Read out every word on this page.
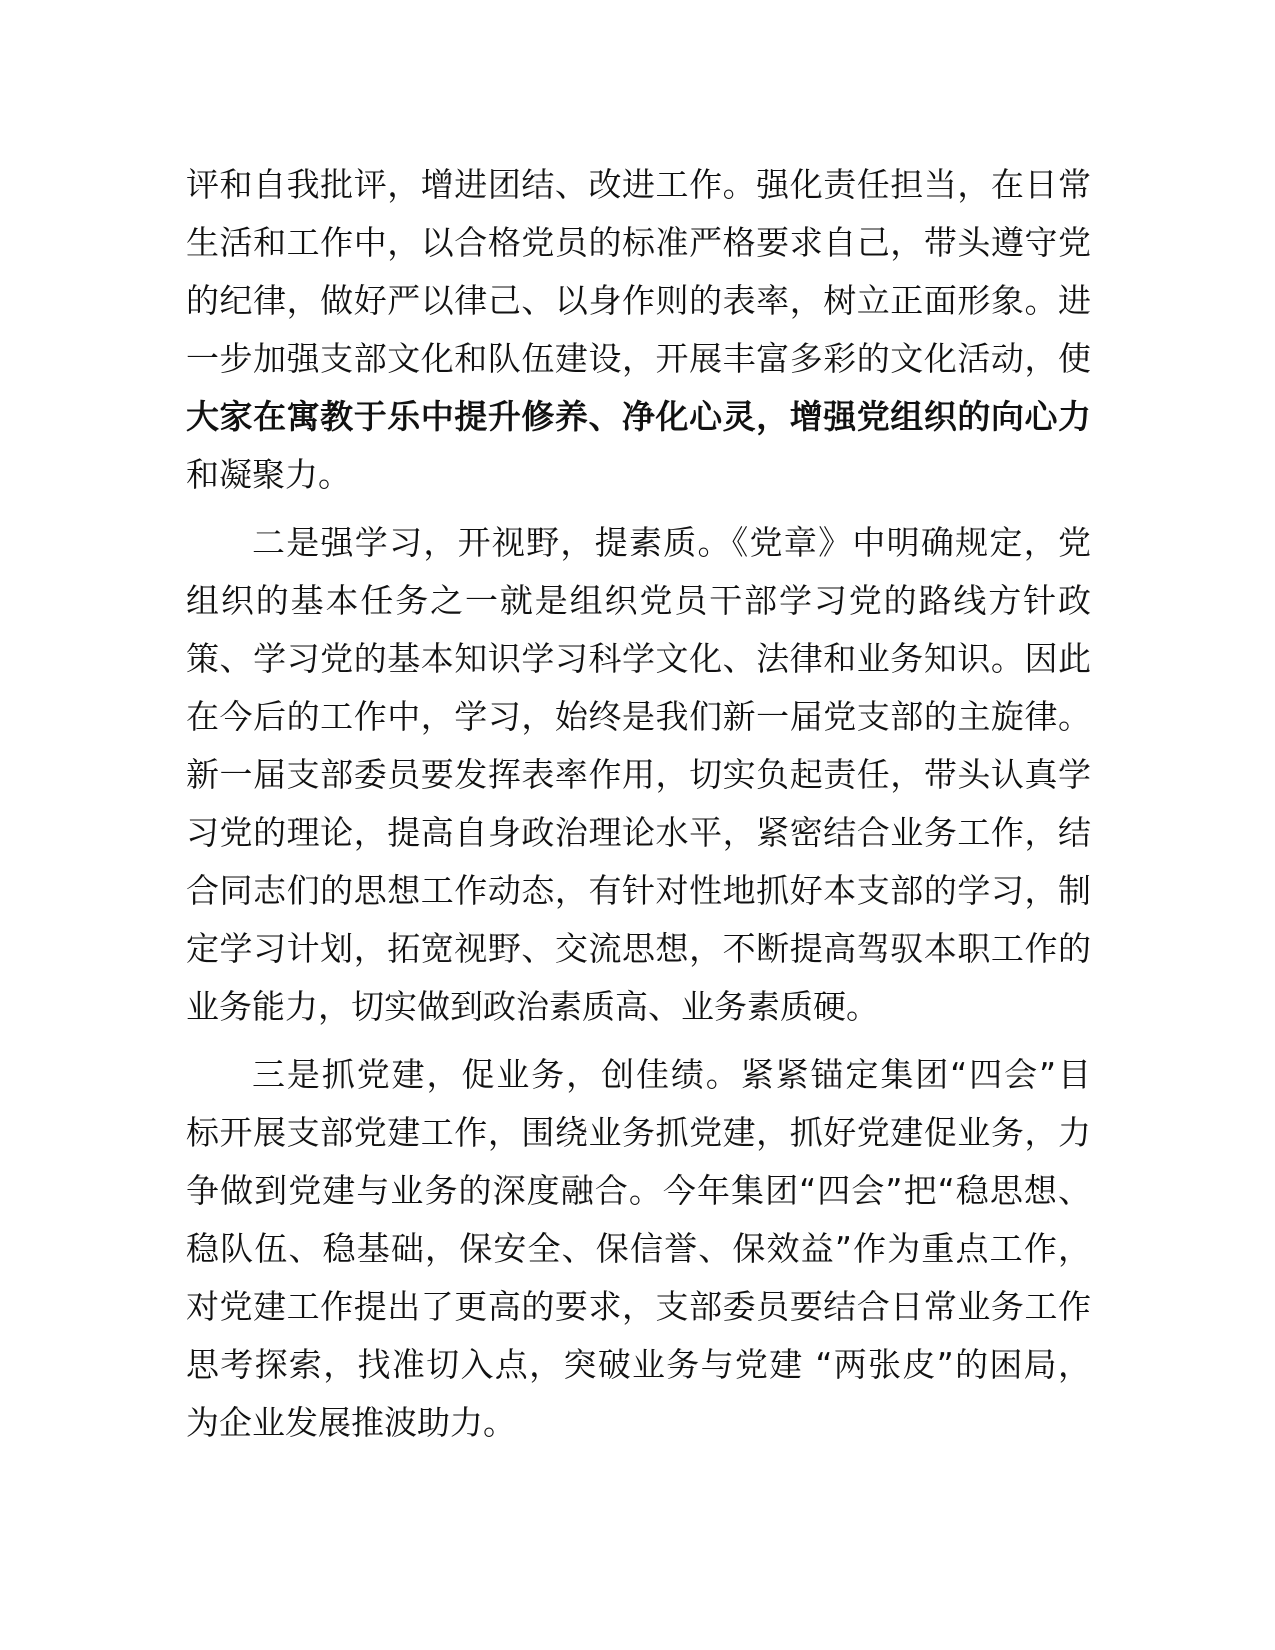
评和自我批评，增进团结、改进工作。强化责任担当，在日常
生活和工作中，以合格党员的标准严格要求自己，带头遵守党
的纪律，做好严以律己、以身作则的表率，树立正面形象。进
一步加强支部文化和队伍建设，开展丰富多彩的文化活动，使
大家在寓教于乐中提升修养、净化心灵，增强党组织的向心力
和凝聚力。
二是强学习，开视野，提素质。《党章》中明确规定，党
组织的基本任务之一就是组织党员干部学习党的路线方针政
策、学习党的基本知识学习科学文化、法律和业务知识。因此
在今后的工作中，学习，始终是我们新一届党支部的主旋律。
新一届支部委员要发挥表率作用，切实负起责任，带头认真学
习党的理论，提高自身政治理论水平，紧密结合业务工作，结
合同志们的思想工作动态，有针对性地抓好本支部的学习，制
定学习计划，拓宽视野、交流思想，不断提高驾驭本职工作的
业务能力，切实做到政治素质高、业务素质硬。
三是抓党建，促业务，创佳绩。紧紧锚定集团“四会”目
标开展支部党建工作，围绕业务抓党建，抓好党建促业务，力
争做到党建与业务的深度融合。今年集团“四会”把“稳思想、
稳队伍、稳基础，保安全、保信誉、保效益”作为重点工作，
对党建工作提出了更高的要求，支部委员要结合日常业务工作
思考探索，找准切入点，突破业务与党建 “两张皮”的困局，
为企业发展推波助力。
